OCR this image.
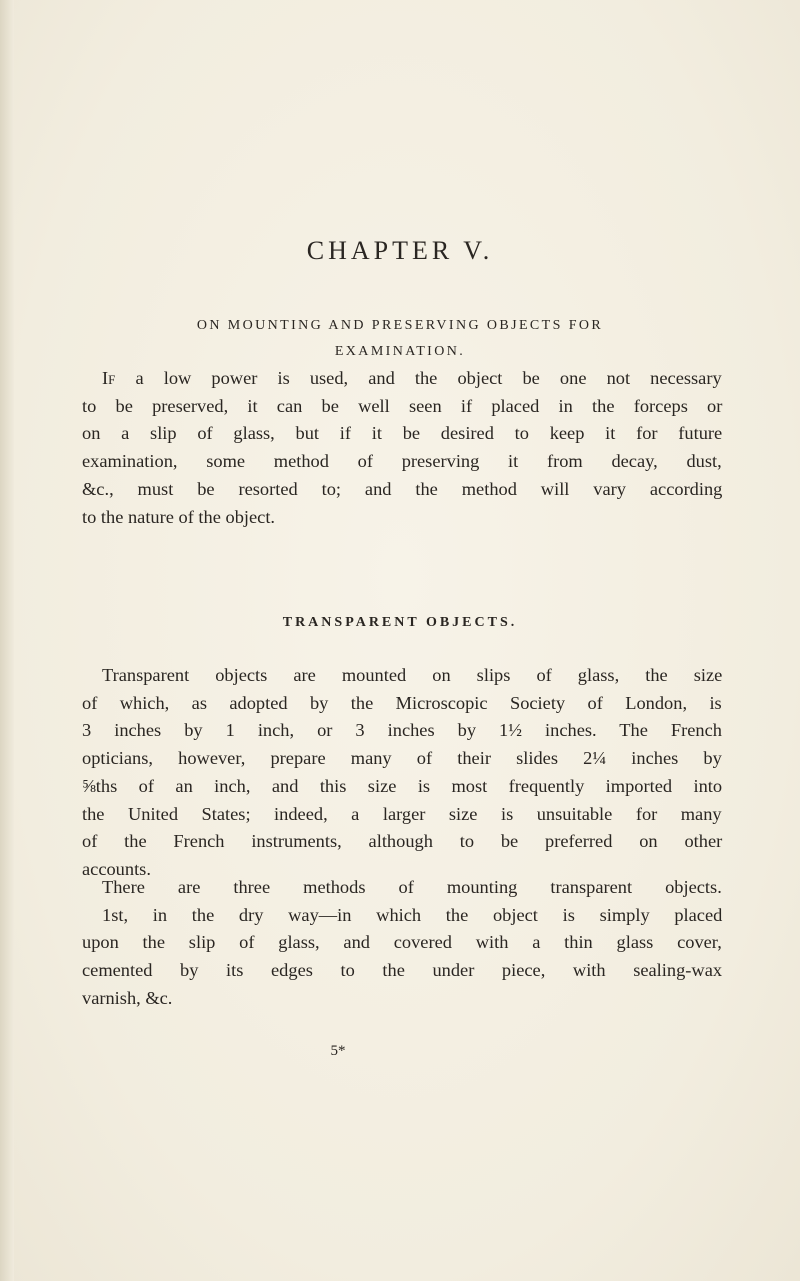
CHAPTER V.
ON MOUNTING AND PRESERVING OBJECTS FOR
EXAMINATION.
If a low power is used, and the object be one not necessary
to be preserved, it can be well seen if placed in the forceps or
on a slip of glass, but if it be desired to keep it for future
examination, some method of preserving it from decay, dust,
&c., must be resorted to; and the method will vary according
to the nature of the object.
TRANSPARENT OBJECTS.
Transparent objects are mounted on slips of glass, the size
of which, as adopted by the Microscopic Society of London, is
3 inches by 1 inch, or 3 inches by 1½ inches. The French
opticians, however, prepare many of their slides 2¼ inches by
⅝ths of an inch, and this size is most frequently imported into
the United States; indeed, a larger size is unsuitable for many
of the French instruments, although to be preferred on other
accounts.
There are three methods of mounting transparent objects.
1st, in the dry way—in which the object is simply placed
upon the slip of glass, and covered with a thin glass cover,
cemented by its edges to the under piece, with sealing-wax
varnish, &c.
5*
